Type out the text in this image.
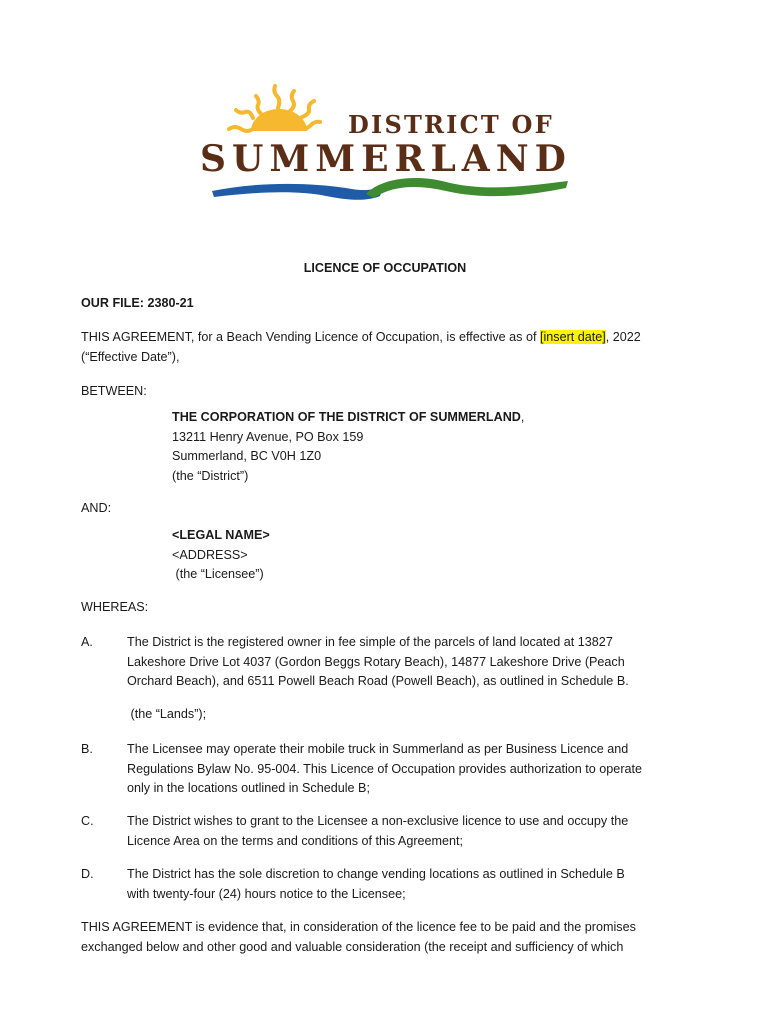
DISTRICT OF
SUMMERLAND
LICENCE OF OCCUPATION
OUR FILE: 2380-21
THIS AGREEMENT, for a Beach Vending Licence of Occupation, is effective as of [insert date], 2022
(“Effective Date”),
BETWEEN:
THE CORPORATION OF THE DISTRICT OF SUMMERLAND,
13211 Henry Avenue, PO Box 159
Summerland, BC V0H 1Z0
(the “District”)
AND:
<LEGAL NAME>
<ADDRESS>
(the “Licensee”)
WHEREAS:
A.	The District is the registered owner in fee simple of the parcels of land located at 13827
Lakeshore Drive Lot 4037 (Gordon Beggs Rotary Beach), 14877 Lakeshore Drive (Peach
Orchard Beach), and 6511 Powell Beach Road (Powell Beach), as outlined in Schedule B.
(the “Lands”);
B.	The Licensee may operate their mobile truck in Summerland as per Business Licence and
Regulations Bylaw No. 95-004. This Licence of Occupation provides authorization to operate
only in the locations outlined in Schedule B;
C.	The District wishes to grant to the Licensee a non-exclusive licence to use and occupy the
Licence Area on the terms and conditions of this Agreement;
D.	The District has the sole discretion to change vending locations as outlined in Schedule B
with twenty-four (24) hours notice to the Licensee;
THIS AGREEMENT is evidence that, in consideration of the licence fee to be paid and the promises
exchanged below and other good and valuable consideration (the receipt and sufficiency of which
